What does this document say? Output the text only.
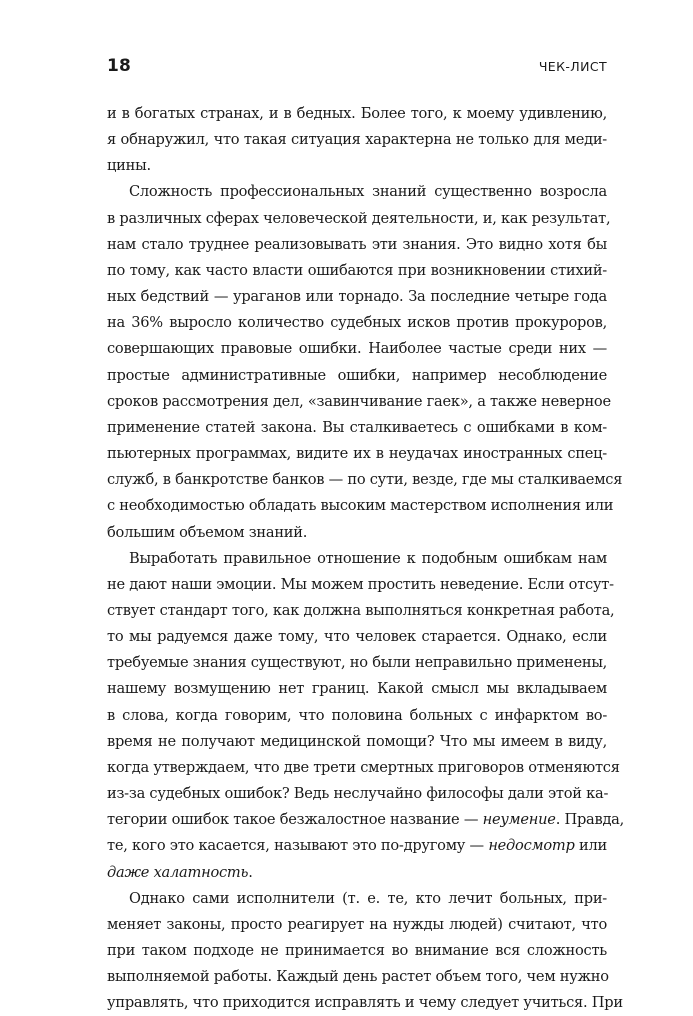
18	ЧЕК-ЛИСТ
и в богатых странах, и в бедных. Более того, к моему удивлению,
я обнаружил, что такая ситуация характерна не только для меди-
цины.
Сложность профессиональных знаний существенно возросла
в различных сферах человеческой деятельности, и, как результат,
нам стало труднее реализовывать эти знания. Это видно хотя бы
по тому, как часто власти ошибаются при возникновении стихий-
ных бедствий — ураганов или торнадо. За последние четыре года
на 36% выросло количество судебных исков против прокуроров,
совершающих правовые ошибки. Наиболее частые среди них —
простые административные ошибки, например несоблюдение
сроков рассмотрения дел, «завинчивание гаек», а также неверное
применение статей закона. Вы сталкиваетесь с ошибками в ком-
пьютерных программах, видите их в неудачах иностранных спец-
служб, в банкротстве банков — по сути, везде, где мы сталкиваемся
с необходимостью обладать высоким мастерством исполнения или
большим объемом знаний.
Выработать правильное отношение к подобным ошибкам нам
не дают наши эмоции. Мы можем простить неведение. Если отсут-
ствует стандарт того, как должна выполняться конкретная работа,
то мы радуемся даже тому, что человек старается. Однако, если
требуемые знания существуют, но были неправильно применены,
нашему возмущению нет границ. Какой смысл мы вкладываем
в слова, когда говорим, что половина больных с инфарктом во-
время не получают медицинской помощи? Что мы имеем в виду,
когда утверждаем, что две трети смертных приговоров отменяются
из-за судебных ошибок? Ведь неслучайно философы дали этой ка-
тегории ошибок такое безжалостное название — неумение. Правда,
те, кого это касается, называют это по-другому — недосмотр или
даже халатность.
Однако сами исполнители (т. е. те, кто лечит больных, при-
меняет законы, просто реагирует на нужды людей) считают, что
при таком подходе не принимается во внимание вся сложность
выполняемой работы. Каждый день растет объем того, чем нужно
управлять, что приходится исправлять и чему следует учиться. При
